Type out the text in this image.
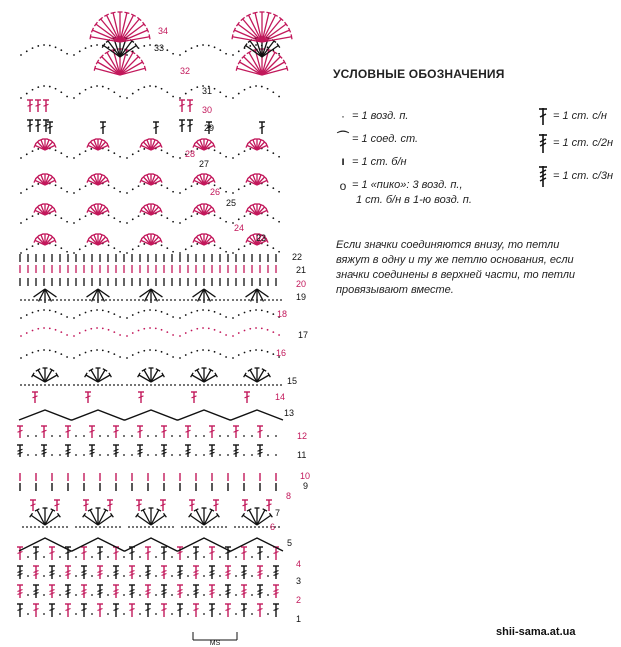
MS
1
2
3
4
5
6
7
8
9
10
11
12
13
14
15
16
17
18
19
20
21
22
23
24
25
26
27
28
29
30
31
32
33
34
УСЛОВНЫЕ ОБОЗНАЧЕНИЯ
· = 1 возд. п.
⌒ = 1 соед. ст.
ı = 1 ст. б/н
o = 1 «пико»: 3 возд. п.,
1 ст. б/н в 1-ю возд. п.
= 1 ст. с/н
= 1 ст. с/2н
= 1 ст. с/3н
Если значки соединяются внизу, то петли
вяжут в одну и ту же петлю основания, если
значки соединены в верхней части, то петли
провязывают вместе.
shii-sama.at.ua
